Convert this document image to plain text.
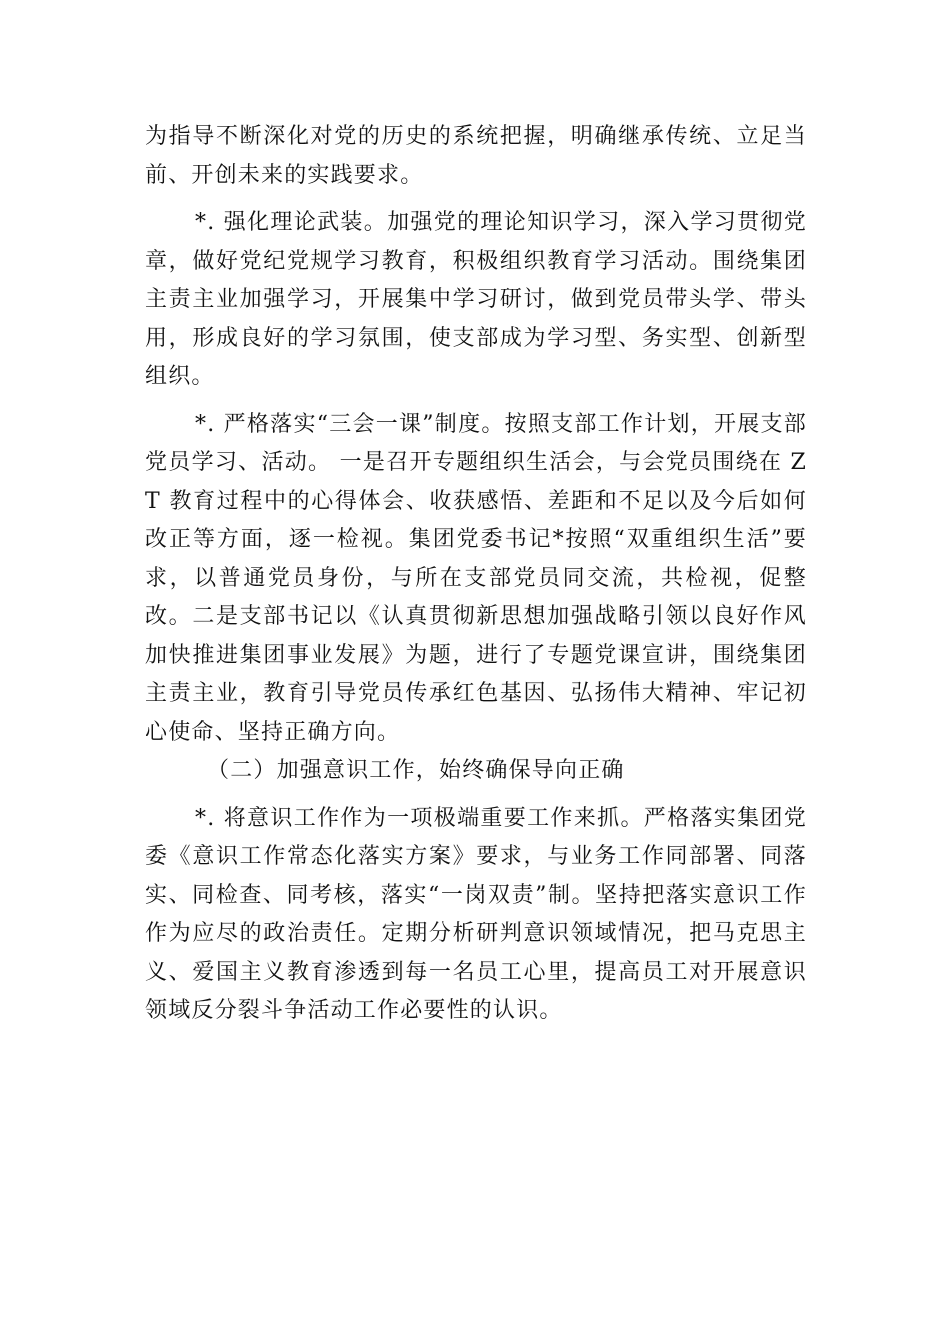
为指导不断深化对党的历史的系统把握，明确继承传统、立足当前、开创未来的实践要求。

*. 强化理论武装。加强党的理论知识学习，深入学习贯彻党章，做好党纪党规学习教育，积极组织教育学习活动。围绕集团主责主业加强学习，开展集中学习研讨，做到党员带头学、带头用，形成良好的学习氛围，使支部成为学习型、务实型、创新型组织。

*. 严格落实“三会一课”制度。按照支部工作计划，开展支部党员学习、活动。 一是召开专题组织生活会，与会党员围绕在 ZT 教育过程中的心得体会、收获感悟、差距和不足以及今后如何改正等方面，逐一检视。集团党委书记*按照“双重组织生活”要求，以普通党员身份，与所在支部党员同交流，共检视，促整改。二是支部书记以《认真贯彻新思想加强战略引领以良好作风加快推进集团事业发展》为题，进行了专题党课宣讲，围绕集团主责主业，教育引导党员传承红色基因、弘扬伟大精神、牢记初心使命、坚持正确方向。

（二）加强意识工作，始终确保导向正确

*. 将意识工作作为一项极端重要工作来抓。严格落实集团党委《意识工作常态化落实方案》要求，与业务工作同部署、同落实、同检查、同考核，落实“一岗双责”制。坚持把落实意识工作作为应尽的政治责任。定期分析研判意识领域情况，把马克思主义、爱国主义教育渗透到每一名员工心里，提高员工对开展意识领域反分裂斗争活动工作必要性的认识。
